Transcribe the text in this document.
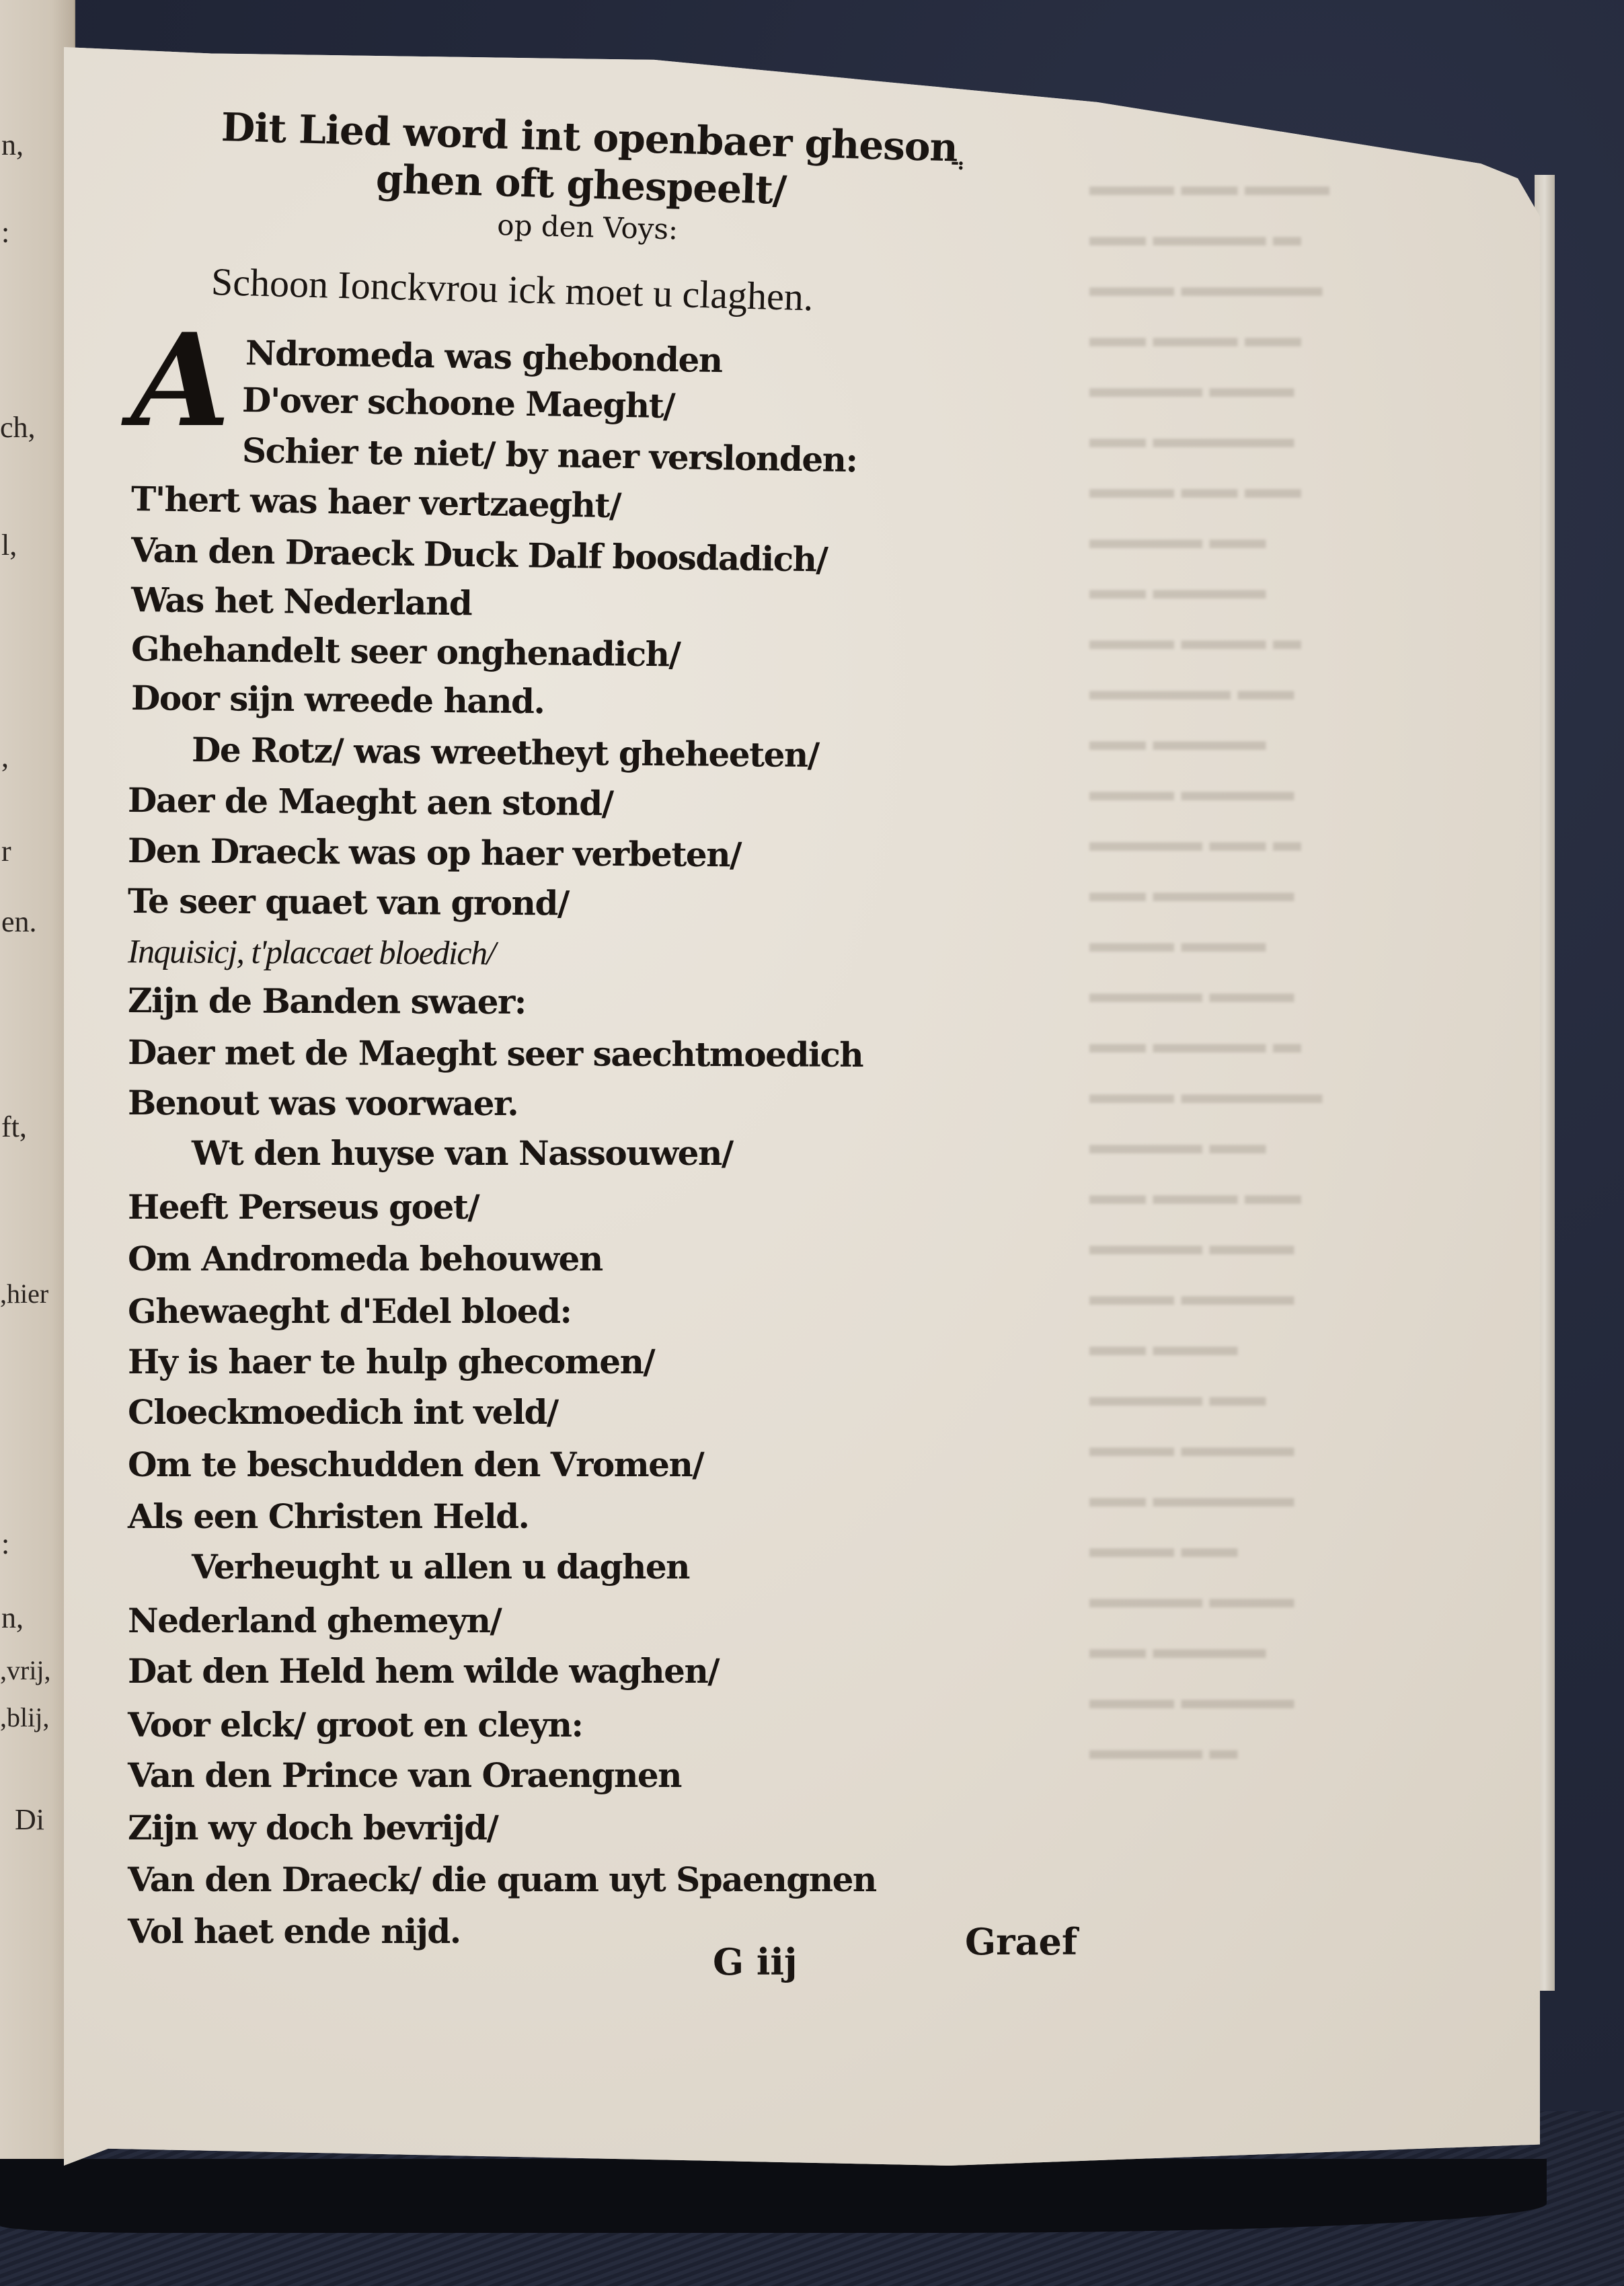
n,
:
ch,
l,
,
r
en.
ft,
,hier
:
n,
,vrij,
,blij,
Di
▬▬▬ ▬▬ ▬▬▬
▬▬ ▬▬▬▬ ▬
▬▬▬ ▬▬▬▬▬
▬▬ ▬▬▬ ▬▬
▬▬▬▬ ▬▬▬
▬▬ ▬▬▬▬▬
▬▬▬ ▬▬ ▬▬
▬▬▬▬ ▬▬
▬▬ ▬▬▬▬
▬▬▬ ▬▬▬ ▬
▬▬▬▬▬ ▬▬
▬▬ ▬▬▬▬
▬▬▬ ▬▬▬▬
▬▬▬▬ ▬▬ ▬
▬▬ ▬▬▬▬▬
▬▬▬ ▬▬▬
▬▬▬▬ ▬▬▬
▬▬ ▬▬▬▬ ▬
▬▬▬ ▬▬▬▬▬
▬▬▬▬ ▬▬
▬▬ ▬▬▬ ▬▬
▬▬▬▬ ▬▬▬
▬▬▬ ▬▬▬▬
▬▬ ▬▬▬
▬▬▬▬ ▬▬
▬▬▬ ▬▬▬▬
▬▬ ▬▬▬▬▬
▬▬▬ ▬▬
▬▬▬▬ ▬▬▬
▬▬ ▬▬▬▬
▬▬▬ ▬▬▬▬
▬▬▬▬ ▬
Dit Lied word int openbaer ghesonֲ
ghen oft ghespeelt/
op den Voys:
Schoon Ionckvrou ick moet u claghen.
A Ndromeda was ghebonden
D'over schoone Maeght/
Schier te niet/ by naer verslonden:
T'hert was haer vertzaeght/
Van den Draeck Duck Dalf boosdadich/
Was het Nederland
Ghehandelt seer onghenadich/
Door sijn wreede hand.
De Rotz/ was wreetheyt gheheeten/
Daer de Maeght aen stond/
Den Draeck was op haer verbeten/
Te seer quaet van grond/
Inquisicj, t'placcaet bloedich/
Zijn de Banden swaer:
Daer met de Maeght seer saechtmoedich
Benout was voorwaer.
Wt den huyse van Nassouwen/
Heeft Perseus goet/
Om Andromeda behouwen
Ghewaeght d'Edel bloed:
Hy is haer te hulp ghecomen/
Cloeckmoedich int veld/
Om te beschudden den Vromen/
Als een Christen Held.
Verheught u allen u daghen
Nederland ghemeyn/
Dat den Held hem wilde waghen/
Voor elck/ groot en cleyn:
Van den Prince van Oraengnen
Zijn wy doch bevrijd/
Van den Draeck/ die quam uyt Spaengnen
Vol haet ende nijd.
G iij	Graef
